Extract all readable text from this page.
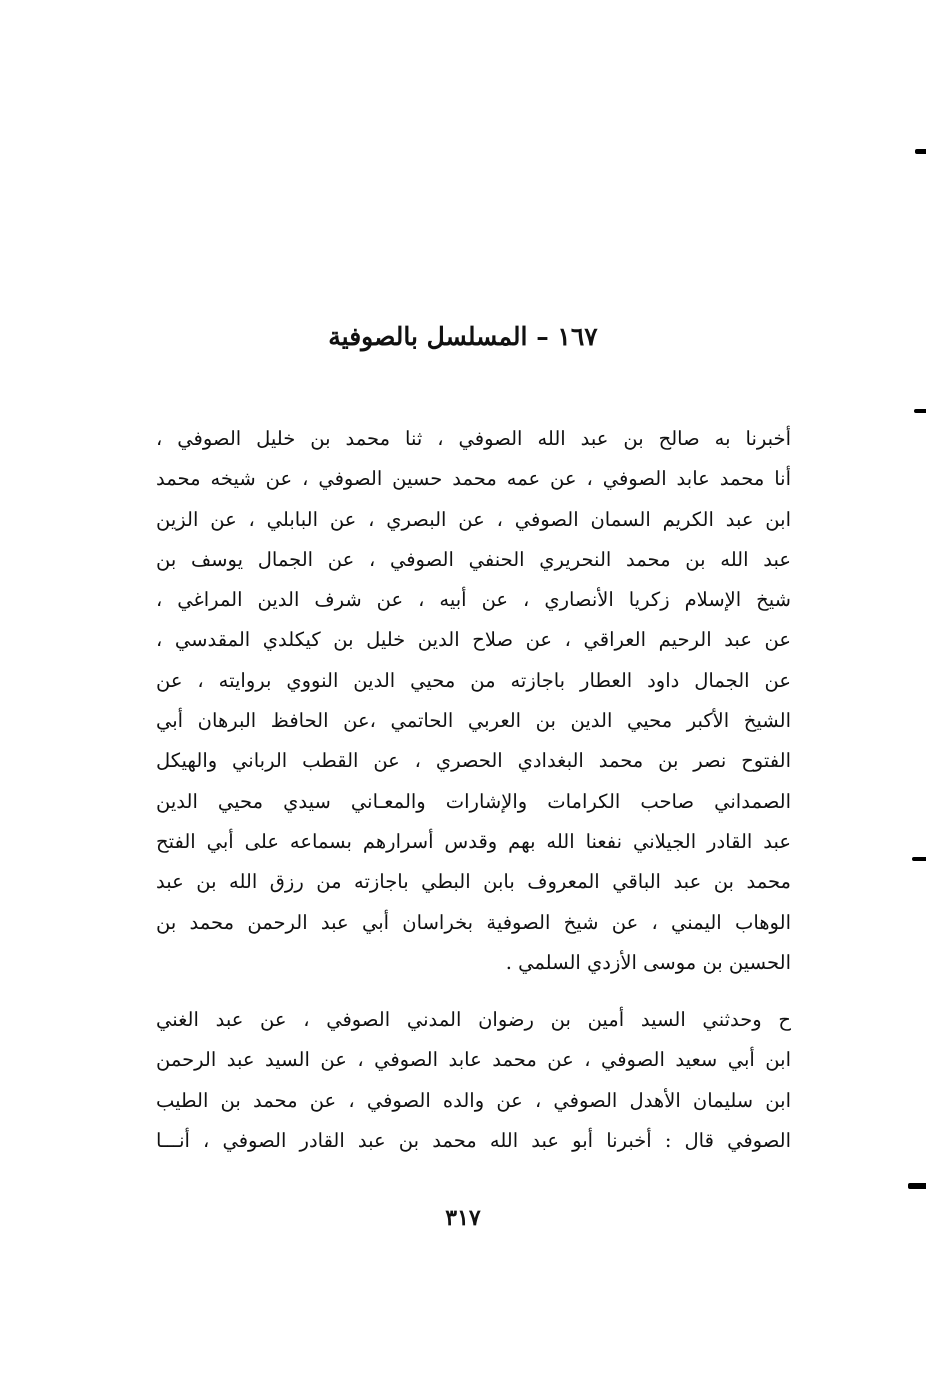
١٦٧ – المسلسل بالصوفية
أخبرنا به صالح بن عبد الله الصوفي ، ثنا محمد بن خليل الصوفي ،
أنا محمد عابد الصوفي ، عن عمه محمد حسين الصوفي ، عن شيخه محمد
ابن عبد الكريم السمان الصوفي ، عن البصري ، عن البابلي ، عن الزين
عبد الله بن محمد النحريري الحنفي الصوفي ، عن الجمال يوسف بن
شيخ الإسلام زكريا الأنصاري ، عن أبيه ، عن شرف الدين المراغي ،
عن عبد الرحيم العراقي ، عن صلاح الدين خليل بن كيكلدي المقدسي ،
عن الجمال داود العطار باجازته من محيي الدين النووي بروايته ، عن
الشيخ الأكبر محيي الدين بن العربي الحاتمي ،عن الحافظ البرهان أبي
الفتوح نصر بن محمد البغدادي الحصري ، عن القطب الرباني والهيكل
الصمداني صاحب الكرامات والإشارات والمعـاني سيدي محيي الدين
عبد القادر الجيلاني نفعنا الله بهم وقدس أسرارهم بسماعه على أبي الفتح
محمد بن عبد الباقي المعروف بابن البطي باجازته من رزق الله بن عبد
الوهاب اليمني ، عن شيخ الصوفية بخراسان أبي عبد الرحمن محمد بن
الحسين بن موسى الأزدي السلمي .
ح وحدثني السيد أمين بن رضوان المدني الصوفي ، عن عبد الغني
ابن أبي سعيد الصوفي ، عن محمد عابد الصوفي ، عن السيد عبد الرحمن
ابن سليمان الأهدل الصوفي ، عن والده الصوفي ، عن محمد بن الطيب
الصوفي قال : أخبرنا أبو عبد الله محمد بن عبد القادر الصوفي ، أنـــا
٣١٧
